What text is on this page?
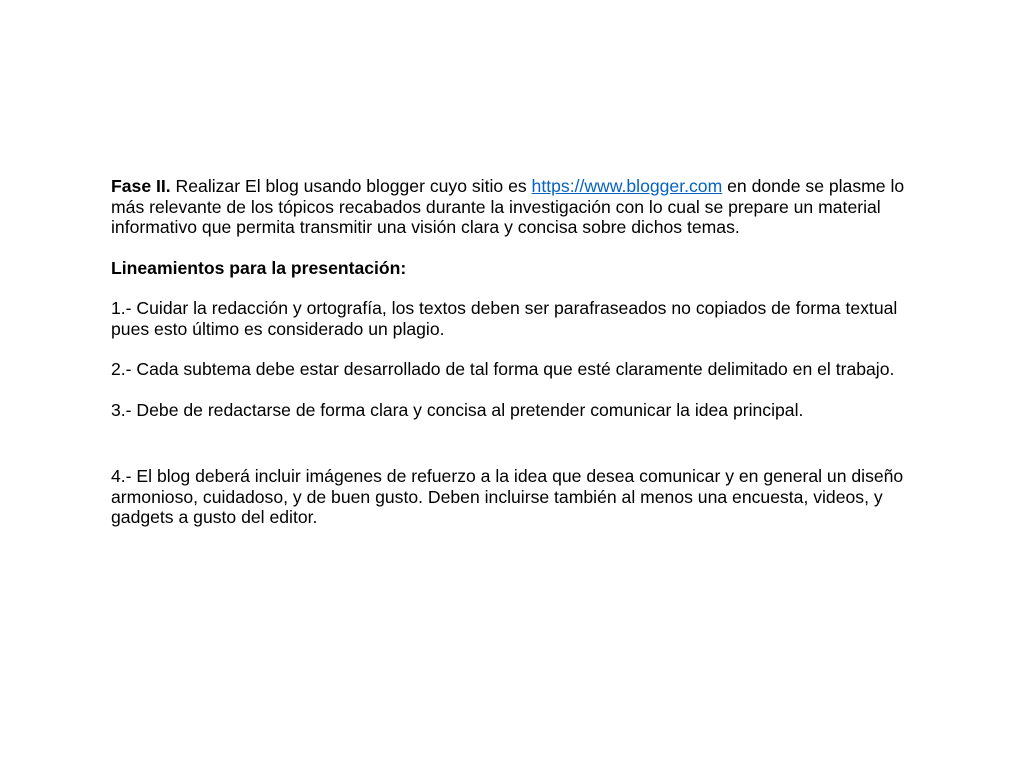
Fase II. Realizar El blog usando blogger cuyo sitio es https://www.blogger.com en donde se plasme lo más relevante de los tópicos recabados durante la investigación con lo cual se prepare un material informativo que permita transmitir una visión clara y concisa sobre dichos temas.

Lineamientos para la presentación:

1.- Cuidar la redacción y ortografía, los textos deben ser parafraseados no copiados de forma textual pues esto último es considerado un plagio.

2.- Cada subtema debe estar desarrollado de tal forma que esté claramente delimitado en el trabajo.

3.- Debe de redactarse de forma clara y concisa al pretender comunicar la idea principal.

4.- El blog deberá incluir imágenes de refuerzo a la idea que desea comunicar y en general un diseño armonioso, cuidadoso, y de buen gusto. Deben incluirse también al menos una encuesta, videos, y gadgets a gusto del editor.
